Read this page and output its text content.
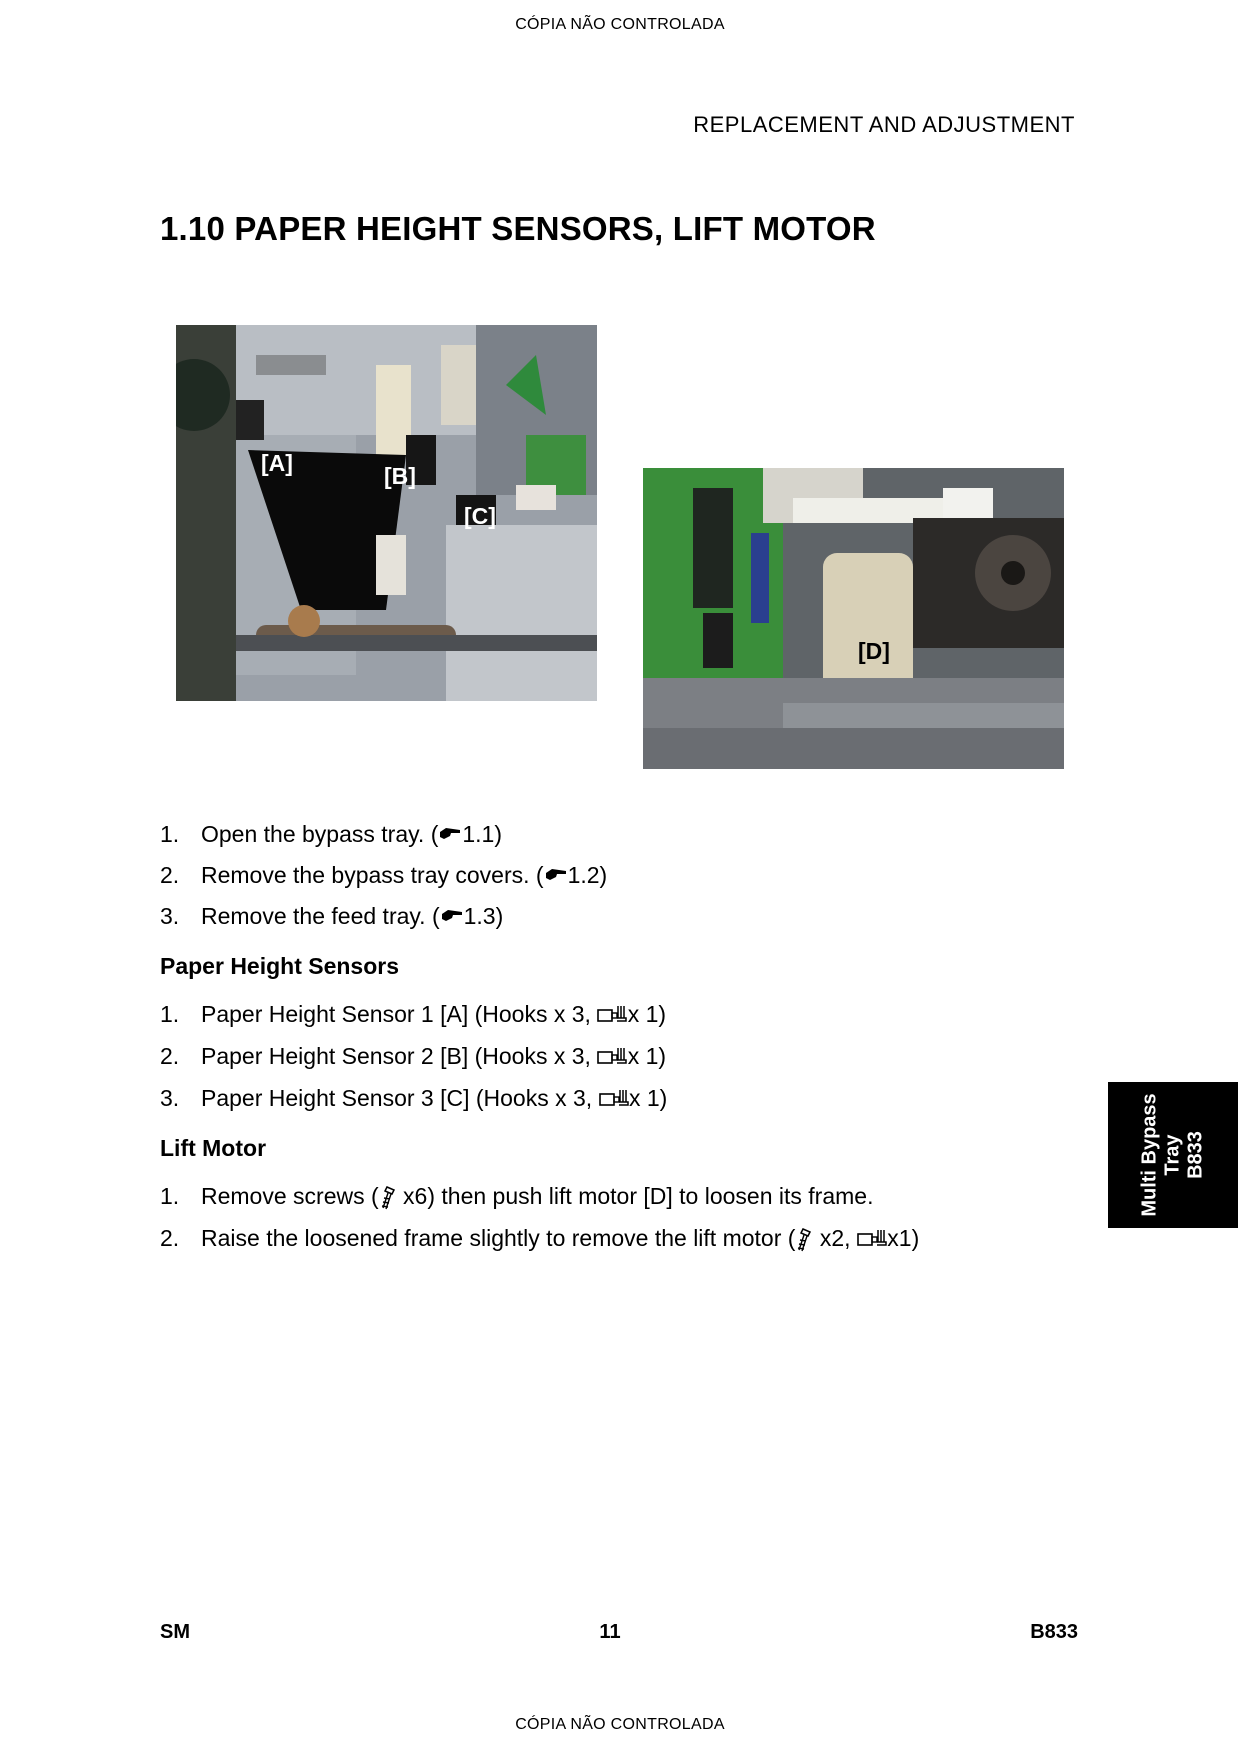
CÓPIA NÃO CONTROLADA
REPLACEMENT AND ADJUSTMENT
1.10 PAPER HEIGHT SENSORS, LIFT MOTOR
[A]	[B]
[C]
[D]
1. Open the bypass tray. ( 1.1)
2. Remove the bypass tray covers. ( 1.2)
3. Remove the feed tray. ( 1.3)
Paper Height Sensors
1. Paper Height Sensor 1 [A] (Hooks x 3,
x 1)
2. Paper Height Sensor 2 [B] (Hooks x 3,
x 1)
3. Paper Height Sensor 3 [C] (Hooks x 3,
x 1)
Lift Motor
1. Remove screws (
x6) then push lift motor [D] to loosen its frame.
2. Raise the loosened frame slightly to remove the lift motor (
x2,
x1)
Multi Bypass Tray B833
SM	11	B833
CÓPIA NÃO CONTROLADA
